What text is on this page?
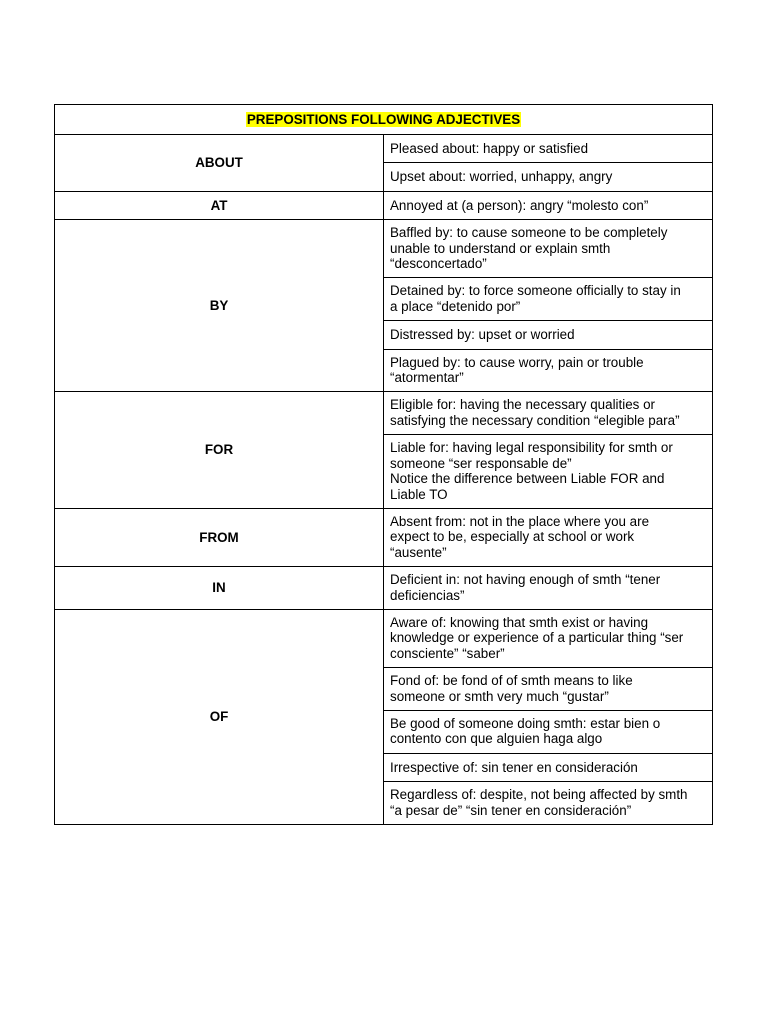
PREPOSITIONS FOLLOWING ADJECTIVES	
ABOUT	Pleased about: happy or satisfied

	Upset about: worried, unhappy, angry

AT	Annoyed at (a person): angry “molesto con”

BY	Baffled by: to cause someone to be completely
unable to understand or explain smth
“desconcertado”

	Detained by: to force someone officially to stay in
a place “detenido por”

	Distressed by: upset or worried

	Plagued by: to cause worry, pain or trouble
“atormentar”

FOR	Eligible for: having the necessary qualities or
satisfying the necessary condition “elegible para”

	Liable for: having legal responsibility for smth or
someone “ser responsable de”
Notice the difference between Liable FOR and
Liable TO

FROM	Absent from: not in the place where you are
expect to be, especially at school or work
“ausente”

IN	Deficient in: not having enough of smth “tener
deficiencias”

OF	Aware of: knowing that smth exist or having
knowledge or experience of a particular thing “ser
consciente” “saber”

	Fond of: be fond of of smth means to like
someone or smth very much “gustar”

	Be good of someone doing smth: estar bien o
contento con que alguien haga algo

	Irrespective of: sin tener en consideración

	Regardless of: despite, not being affected by smth
“a pesar de” “sin tener en consideración”
